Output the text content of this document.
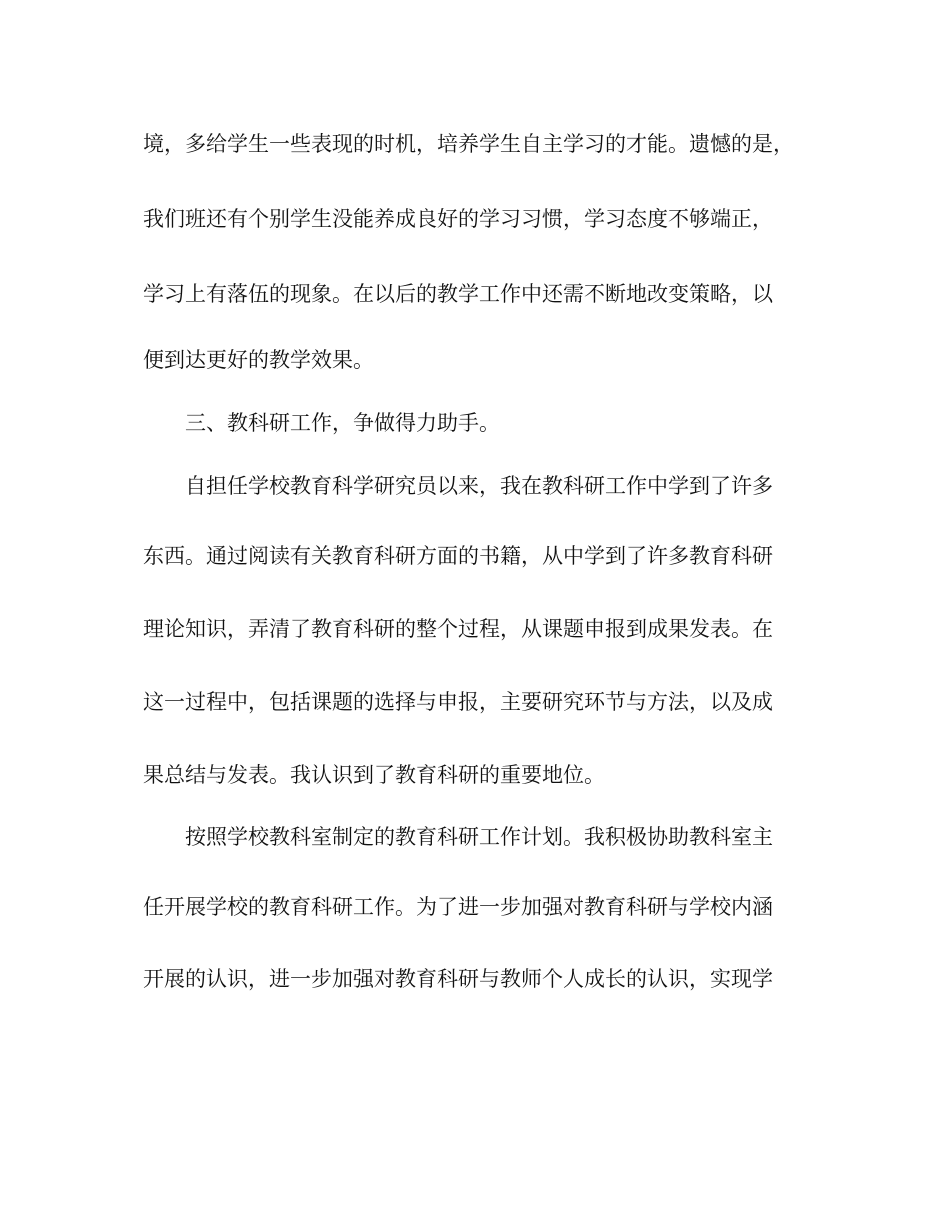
境，多给学生一些表现的时机，培养学生自主学习的才能。遗憾的是，
我们班还有个别学生没能养成良好的学习习惯，学习态度不够端正，
学习上有落伍的现象。在以后的教学工作中还需不断地改变策略，以
便到达更好的教学效果。
三、教科研工作，争做得力助手。
自担任学校教育科学研究员以来，我在教科研工作中学到了许多
东西。通过阅读有关教育科研方面的书籍，从中学到了许多教育科研
理论知识，弄清了教育科研的整个过程，从课题申报到成果发表。在
这一过程中，包括课题的选择与申报，主要研究环节与方法，以及成
果总结与发表。我认识到了教育科研的重要地位。
按照学校教科室制定的教育科研工作计划。我积极协助教科室主
任开展学校的教育科研工作。为了进一步加强对教育科研与学校内涵
开展的认识，进一步加强对教育科研与教师个人成长的认识，实现学
